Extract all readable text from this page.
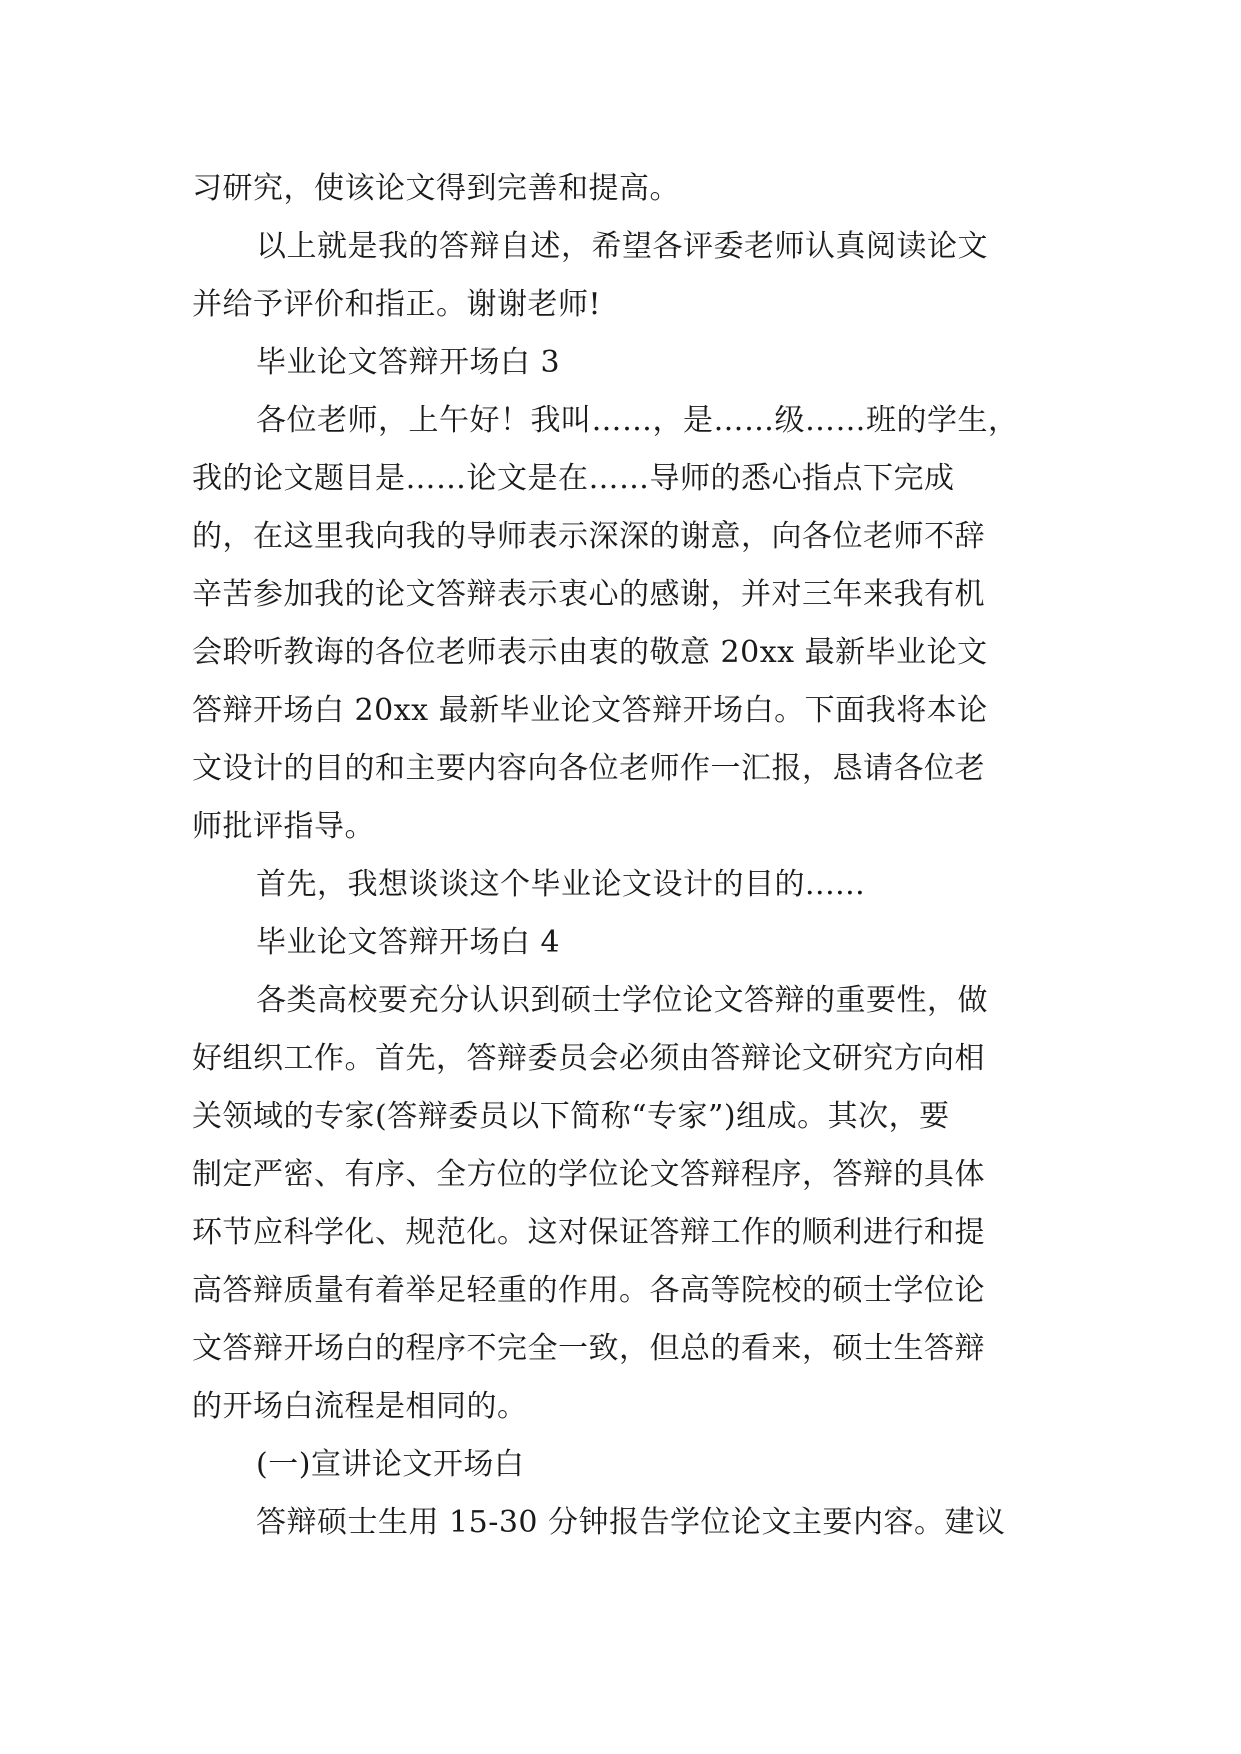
习研究，使该论文得到完善和提高。
以上就是我的答辩自述，希望各评委老师认真阅读论文
并给予评价和指正。谢谢老师!
毕业论文答辩开场白 3
各位老师，上午好！我叫……，是……级……班的学生，
我的论文题目是……论文是在……导师的悉心指点下完成
的，在这里我向我的导师表示深深的谢意，向各位老师不辞
辛苦参加我的论文答辩表示衷心的感谢，并对三年来我有机
会聆听教诲的各位老师表示由衷的敬意 20xx 最新毕业论文
答辩开场白 20xx 最新毕业论文答辩开场白。下面我将本论
文设计的目的和主要内容向各位老师作一汇报，恳请各位老
师批评指导。
首先，我想谈谈这个毕业论文设计的目的......
毕业论文答辩开场白 4
各类高校要充分认识到硕士学位论文答辩的重要性，做
好组织工作。首先，答辩委员会必须由答辩论文研究方向相
关领域的专家(答辩委员以下简称“专家”)组成。其次，要
制定严密、有序、全方位的学位论文答辩程序，答辩的具体
环节应科学化、规范化。这对保证答辩工作的顺利进行和提
高答辩质量有着举足轻重的作用。各高等院校的硕士学位论
文答辩开场白的程序不完全一致，但总的看来，硕士生答辩
的开场白流程是相同的。
(一)宣讲论文开场白
答辩硕士生用 15-30 分钟报告学位论文主要内容。建议
